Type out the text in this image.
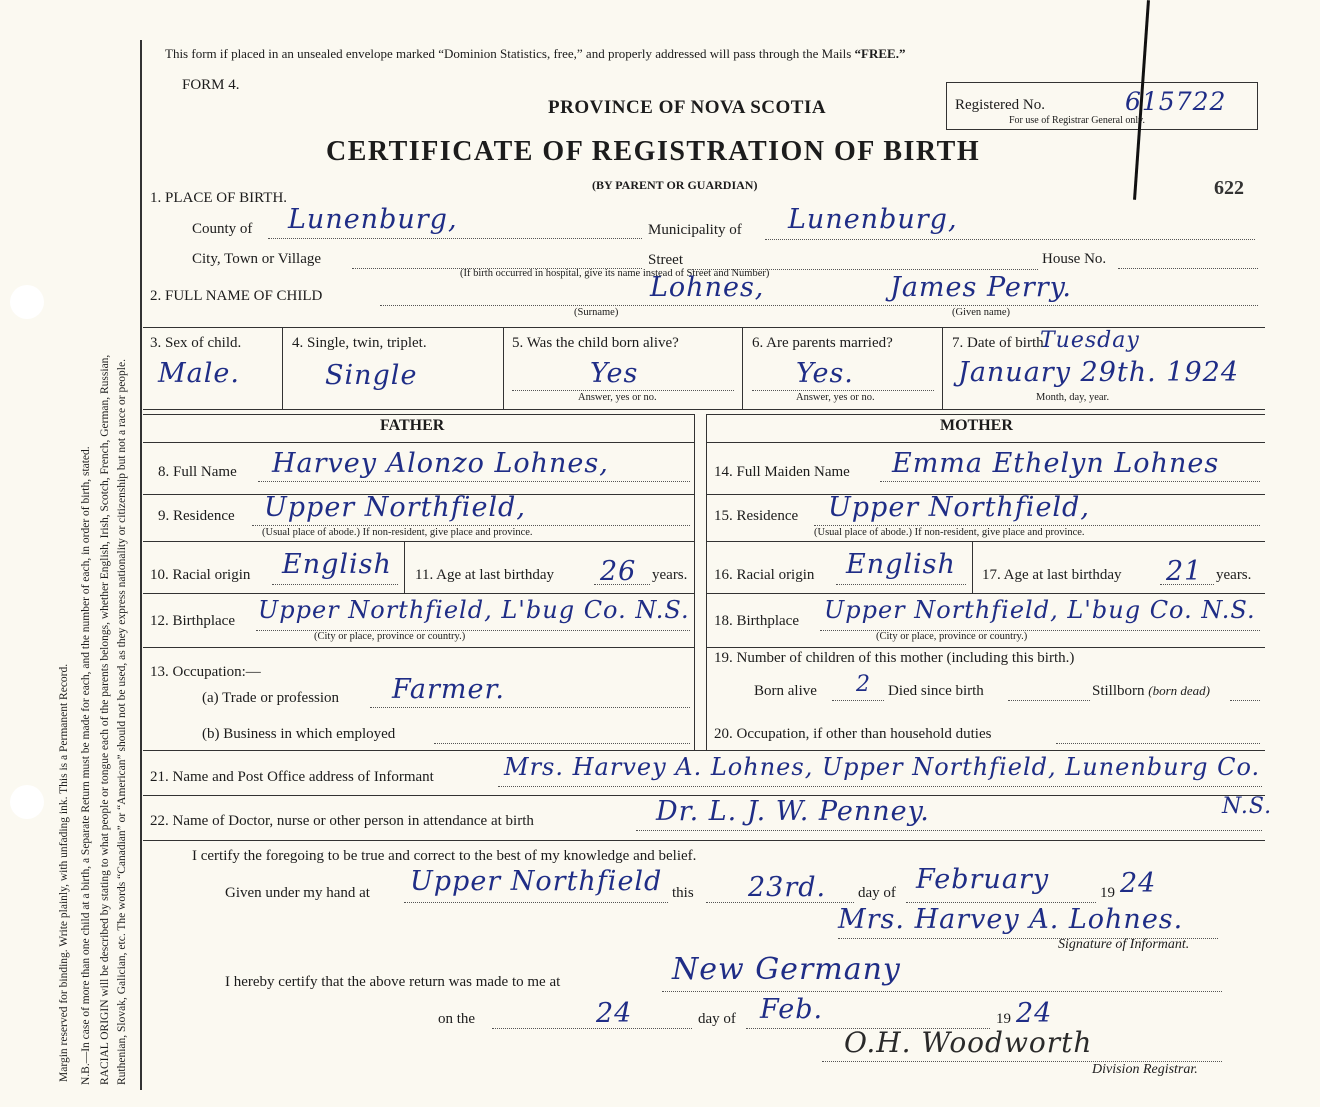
Margin reserved for binding. Write plainly, with unfading ink. This is a Permanent Record. N.B.—In case of more than one child at a birth, a Separate Return must be made for each, and the number of each, in order of birth, stated. RACIAL ORIGIN will be described by stating to what people or tongue each of the parents belongs, whether English, Irish, Scotch, French, German, Russian, Ruthenian, Slovak, Galician, etc. The words “Canadian” or “American” should not be used, as they express nationality or citizenship but not a race or people.
This form if placed in an unsealed envelope marked “Dominion Statistics, free,” and properly addressed will pass through the Mails “FREE.”
FORM 4.
PROVINCE OF NOVA SCOTIA
CERTIFICATE OF REGISTRATION OF BIRTH
(BY PARENT OR GUARDIAN)
Registered No.	615722
For use of Registrar General only.
622
1. PLACE OF BIRTH.
County of Lunenburg,	Municipality of Lunenburg,
City, Town or Village	Street	House No.
(If birth occurred in hospital, give its name instead of Street and Number)
2. FULL NAME OF CHILD	Lohnes,	James Perry.
(Surname)	(Given name)
3. Sex of child.
Male.
4. Single, twin, triplet.
Single
5. Was the child born alive?
Yes
Answer, yes or no.
6. Are parents married?
Yes.
Answer, yes or no.
7. Date of birth.
Tuesday
January 29th. 1924
Month, day, year.
FATHER	MOTHER
8. Full Name Harvey Alonzo Lohnes,
9. Residence Upper Northfield,
(Usual place of abode.) If non-resident, give place and province.
10. Racial origin English 11. Age at last birthday 26 years.
12. Birthplace Upper Northfield, L'bug Co. N.S.
(City or place, province or country.)
13. Occupation:—
(a) Trade or profession Farmer.
(b) Business in which employed
14. Full Maiden Name Emma Ethelyn Lohnes
15. Residence Upper Northfield,
(Usual place of abode.) If non-resident, give place and province.
16. Racial origin English 17. Age at last birthday 21 years.
18. Birthplace Upper Northfield, L'bug Co. N.S.
(City or place, province or country.)
19. Number of children of this mother (including this birth.)
Born alive 2 Died since birth	Stillborn (born dead)
20. Occupation, if other than household duties
21. Name and Post Office address of Informant	Mrs. Harvey A. Lohnes, Upper Northfield, Lunenburg Co.
22. Name of Doctor, nurse or other person in attendance at birth	Dr. L. J. W. Penney.	N.S.
I certify the foregoing to be true and correct to the best of my knowledge and belief.
Given under my hand at Upper Northfield this 23rd. day of February	19 24
Mrs. Harvey A. Lohnes.
Signature of Informant.
I hereby certify that the above return was made to me at	New Germany
on the	24	day of Feb.	19 24
O.H. Woodworth
Division Registrar.
